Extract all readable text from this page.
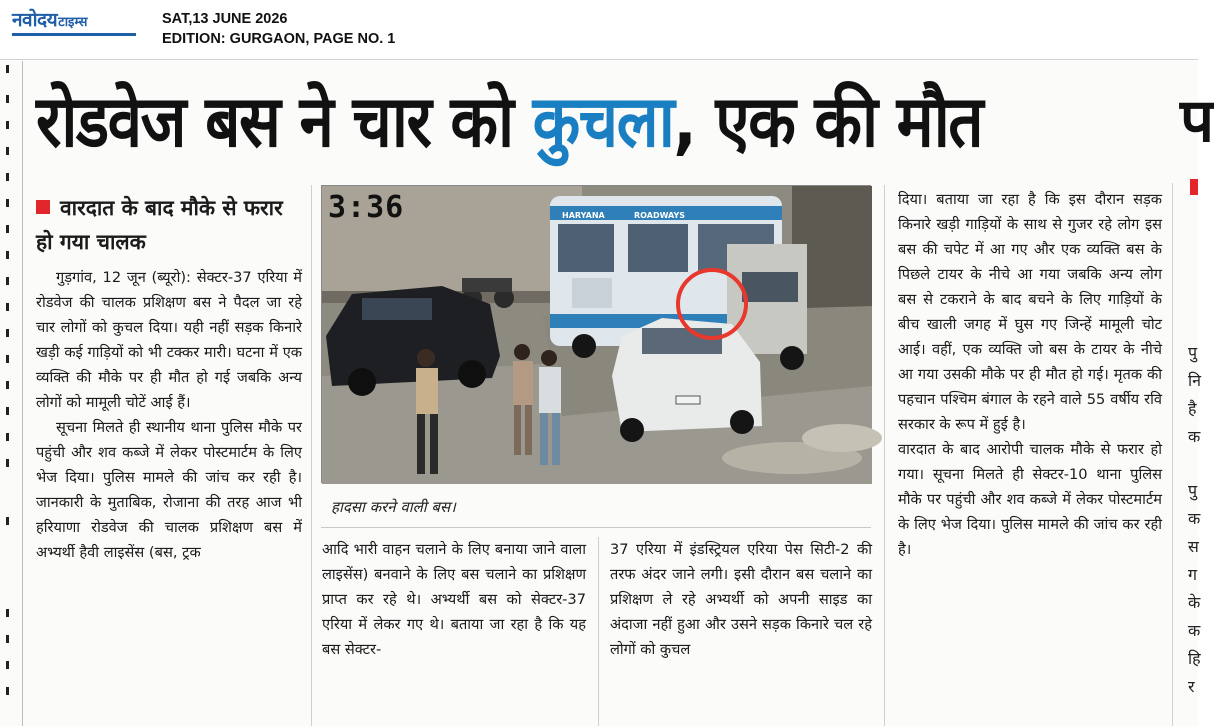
नवोदय टाइम्स	SAT,13 JUNE 2026
EDITION: GURGAON, PAGE NO. 1
रोडवेज बस ने चार को कुचला, एक की मौत	प
वारदात के बाद मौके से फरार हो गया चालक

गुड़गांव, 12 जून (ब्यूरो): सेक्टर-37 एरिया में रोडवेज की चालक प्रशिक्षण बस ने पैदल जा रहे चार लोगों को कुचल दिया। यही नहीं सड़क किनारे खड़ी कई गाड़ियों को भी टक्कर मारी। घटना में एक व्यक्ति की मौके पर ही मौत हो गई जबकि अन्य लोगों को मामूली चोटें आई हैं।

सूचना मिलते ही स्थानीय थाना पुलिस मौके पर पहुंची और शव कब्जे में लेकर पोस्टमार्टम के लिए भेज दिया। पुलिस मामले की जांच कर रही है। जानकारी के मुताबिक, रोजाना की तरह आज भी हरियाणा रोडवेज की चालक प्रशिक्षण बस में अभ्यर्थी हैवी लाइसेंस (बस, ट्रक

HARYANA	ROADWAYS
3:36
हादसा करने वाली बस।

आदि भारी वाहन चलाने के लिए बनाया जाने वाला लाइसेंस) बनवाने के लिए बस चलाने का प्रशिक्षण प्राप्त कर रहे थे। अभ्यर्थी बस को सेक्टर-37 एरिया में लेकर गए थे। बताया जा रहा है कि यह बस सेक्टर-

37 एरिया में इंडस्ट्रियल एरिया पेस सिटी-2 की तरफ अंदर जाने लगी। इसी दौरान बस चलाने का प्रशिक्षण ले रहे अभ्यर्थी को अपनी साइड का अंदाजा नहीं हुआ और उसने सड़क किनारे चल रहे लोगों को कुचल

दिया। बताया जा रहा है कि इस दौरान सड़क किनारे खड़ी गाड़ियों के साथ से गुजर रहे लोग इस बस की चपेट में आ गए और एक व्यक्ति बस के पिछले टायर के नीचे आ गया जबकि अन्य लोग बस से टकराने के बाद बचने के लिए गाड़ियों के बीच खाली जगह में घुस गए जिन्हें मामूली चोट आई। वहीं, एक व्यक्ति जो बस के टायर के नीचे आ गया उसकी मौके पर ही मौत हो गई। मृतक की पहचान पश्चिम बंगाल के रहने वाले 55 वर्षीय रवि सरकार के रूप में हुई है।

वारदात के बाद आरोपी चालक मौके से फरार हो गया। सूचना मिलते ही सेक्टर-10 थाना पुलिस मौके पर पहुंची और शव कब्जे में लेकर पोस्टमार्टम के लिए भेज दिया। पुलिस मामले की जांच कर रही है।

पु
नि
है
क
पु
क
स
ग
के
क
हि
र
